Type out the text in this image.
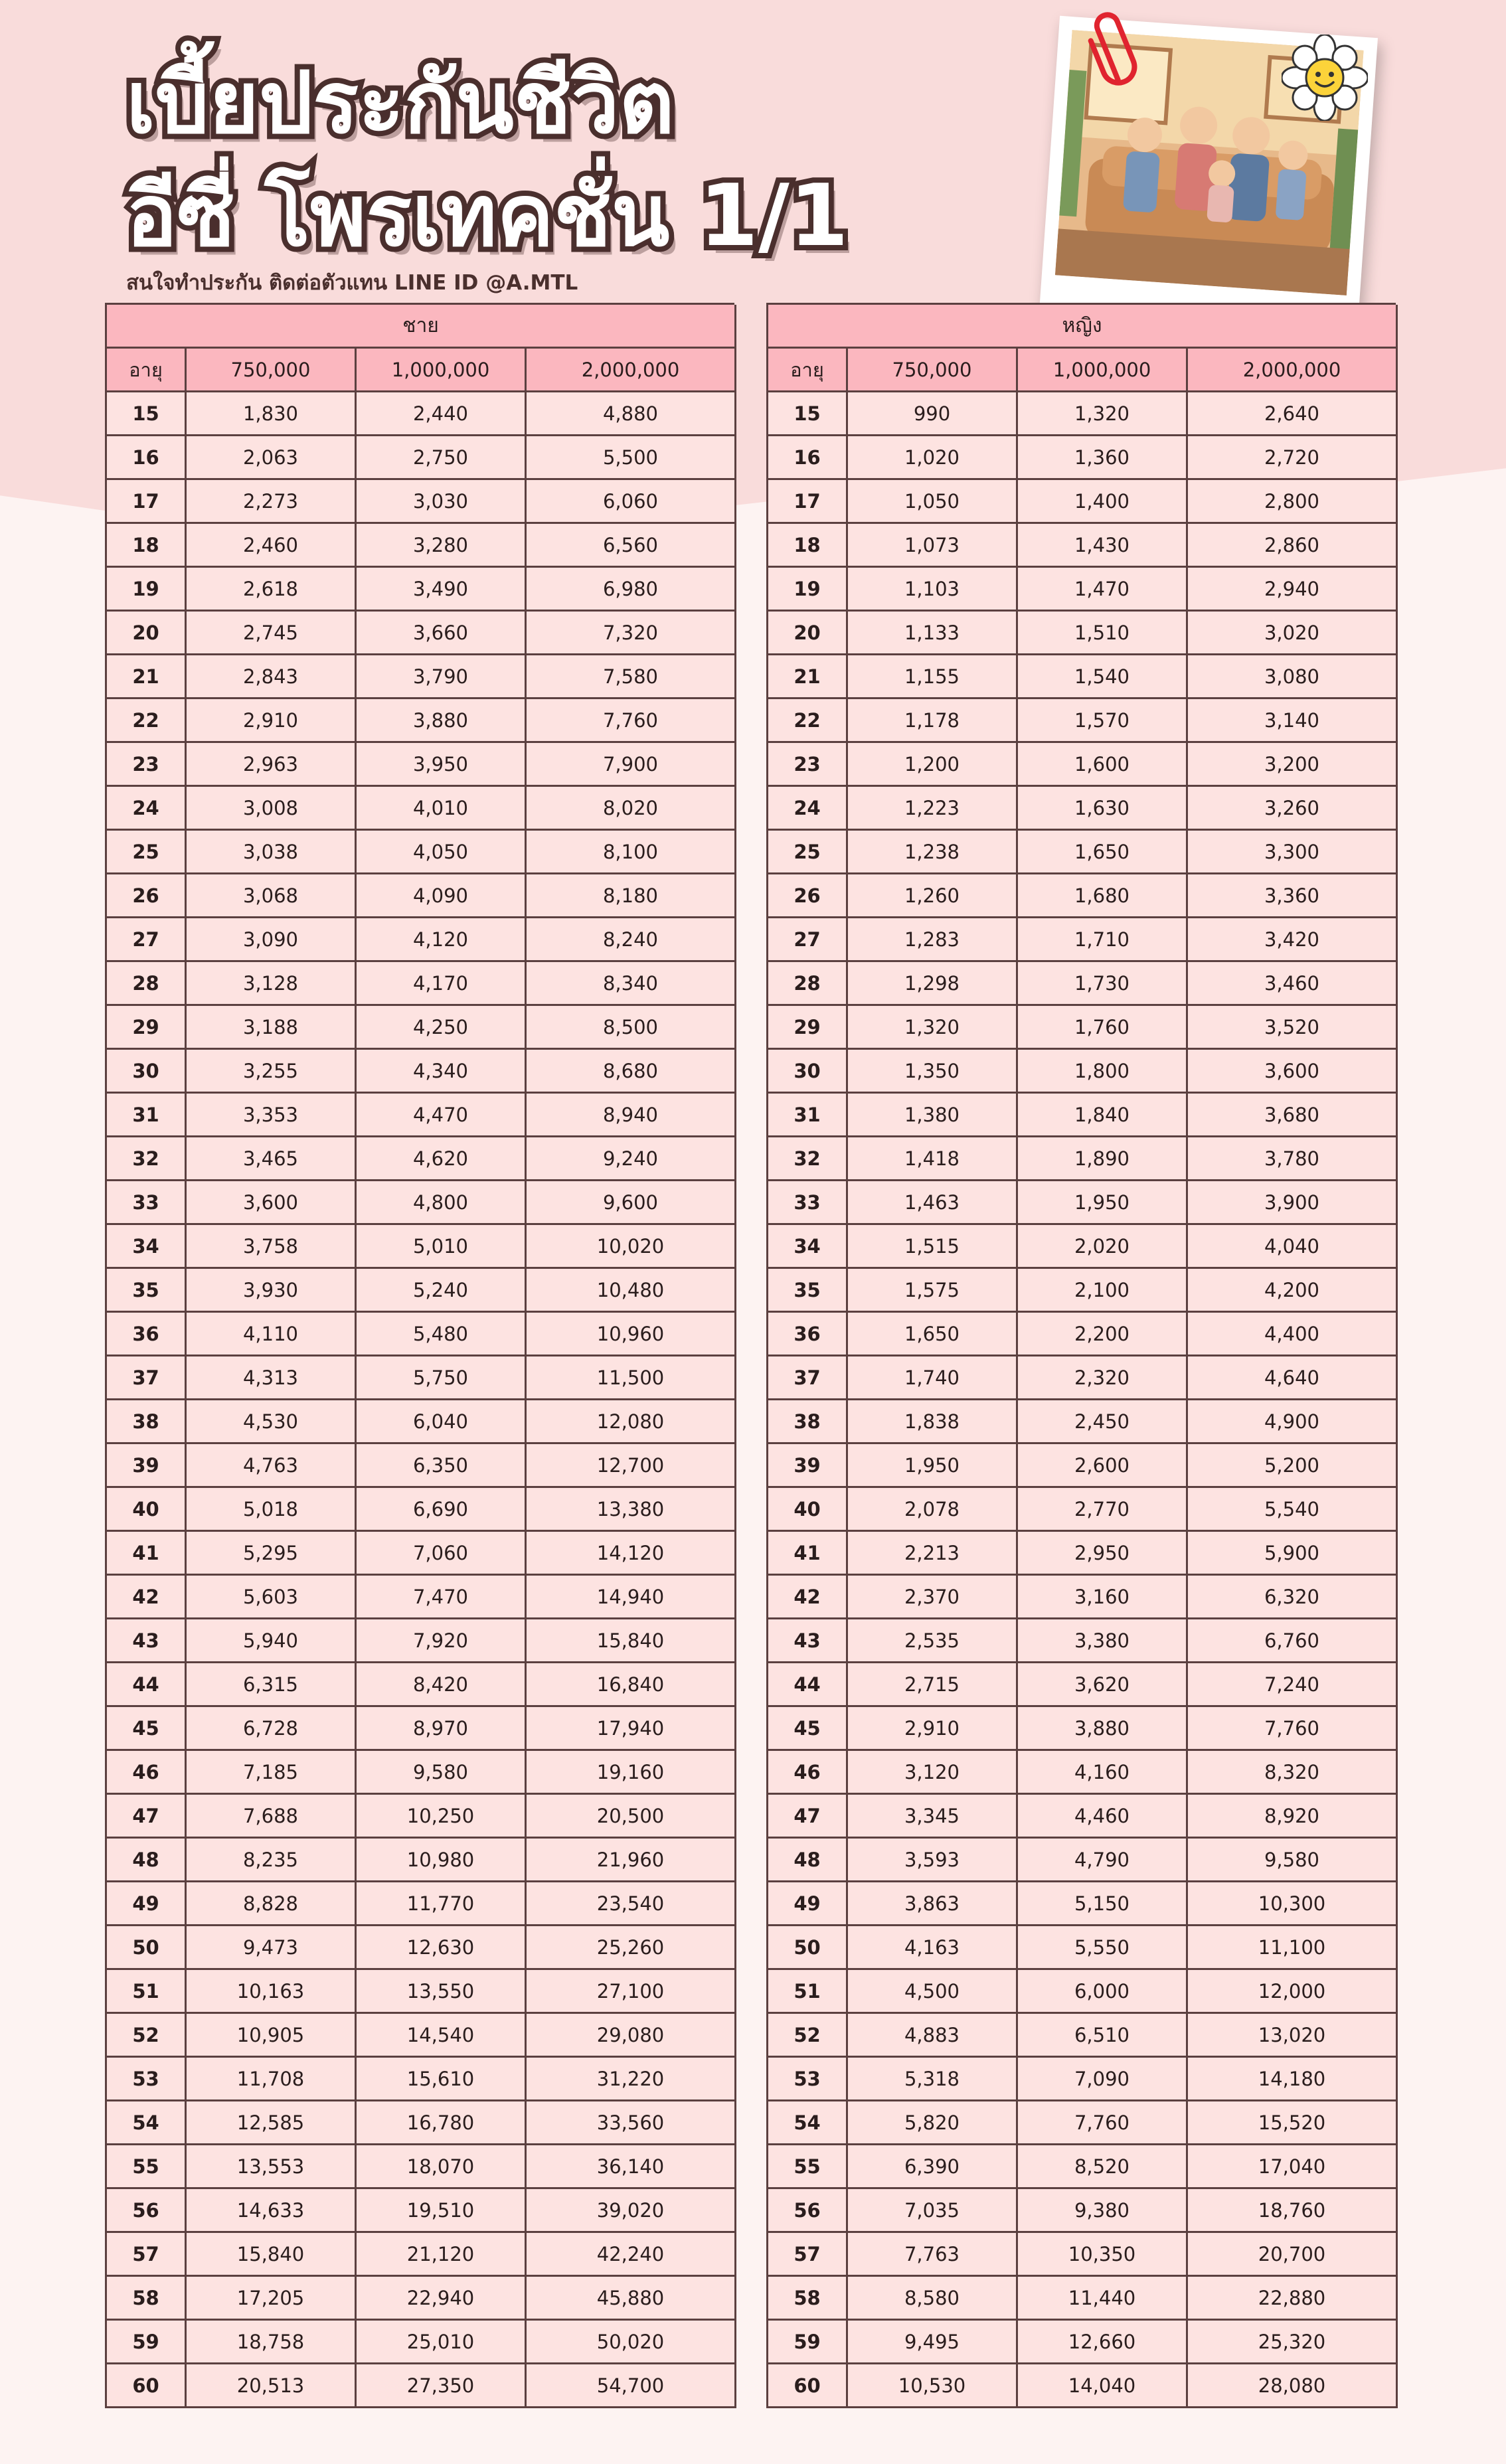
เบี้ยประกันชีวิต
อีซี่ โพรเทคชั่น 1/1
สนใจทำประกัน ติดต่อตัวแทน LINE ID @A.MTL
ชาย
อายุ	750,000	1,000,000	2,000,000
15	1,830	2,440	4,880
16	2,063	2,750	5,500
17	2,273	3,030	6,060
18	2,460	3,280	6,560
19	2,618	3,490	6,980
20	2,745	3,660	7,320
21	2,843	3,790	7,580
22	2,910	3,880	7,760
23	2,963	3,950	7,900
24	3,008	4,010	8,020
25	3,038	4,050	8,100
26	3,068	4,090	8,180
27	3,090	4,120	8,240
28	3,128	4,170	8,340
29	3,188	4,250	8,500
30	3,255	4,340	8,680
31	3,353	4,470	8,940
32	3,465	4,620	9,240
33	3,600	4,800	9,600
34	3,758	5,010	10,020
35	3,930	5,240	10,480
36	4,110	5,480	10,960
37	4,313	5,750	11,500
38	4,530	6,040	12,080
39	4,763	6,350	12,700
40	5,018	6,690	13,380
41	5,295	7,060	14,120
42	5,603	7,470	14,940
43	5,940	7,920	15,840
44	6,315	8,420	16,840
45	6,728	8,970	17,940
46	7,185	9,580	19,160
47	7,688	10,250	20,500
48	8,235	10,980	21,960
49	8,828	11,770	23,540
50	9,473	12,630	25,260
51	10,163	13,550	27,100
52	10,905	14,540	29,080
53	11,708	15,610	31,220
54	12,585	16,780	33,560
55	13,553	18,070	36,140
56	14,633	19,510	39,020
57	15,840	21,120	42,240
58	17,205	22,940	45,880
59	18,758	25,010	50,020
60	20,513	27,350	54,700
หญิง
อายุ	750,000	1,000,000	2,000,000
15	990	1,320	2,640
16	1,020	1,360	2,720
17	1,050	1,400	2,800
18	1,073	1,430	2,860
19	1,103	1,470	2,940
20	1,133	1,510	3,020
21	1,155	1,540	3,080
22	1,178	1,570	3,140
23	1,200	1,600	3,200
24	1,223	1,630	3,260
25	1,238	1,650	3,300
26	1,260	1,680	3,360
27	1,283	1,710	3,420
28	1,298	1,730	3,460
29	1,320	1,760	3,520
30	1,350	1,800	3,600
31	1,380	1,840	3,680
32	1,418	1,890	3,780
33	1,463	1,950	3,900
34	1,515	2,020	4,040
35	1,575	2,100	4,200
36	1,650	2,200	4,400
37	1,740	2,320	4,640
38	1,838	2,450	4,900
39	1,950	2,600	5,200
40	2,078	2,770	5,540
41	2,213	2,950	5,900
42	2,370	3,160	6,320
43	2,535	3,380	6,760
44	2,715	3,620	7,240
45	2,910	3,880	7,760
46	3,120	4,160	8,320
47	3,345	4,460	8,920
48	3,593	4,790	9,580
49	3,863	5,150	10,300
50	4,163	5,550	11,100
51	4,500	6,000	12,000
52	4,883	6,510	13,020
53	5,318	7,090	14,180
54	5,820	7,760	15,520
55	6,390	8,520	17,040
56	7,035	9,380	18,760
57	7,763	10,350	20,700
58	8,580	11,440	22,880
59	9,495	12,660	25,320
60	10,530	14,040	28,080
